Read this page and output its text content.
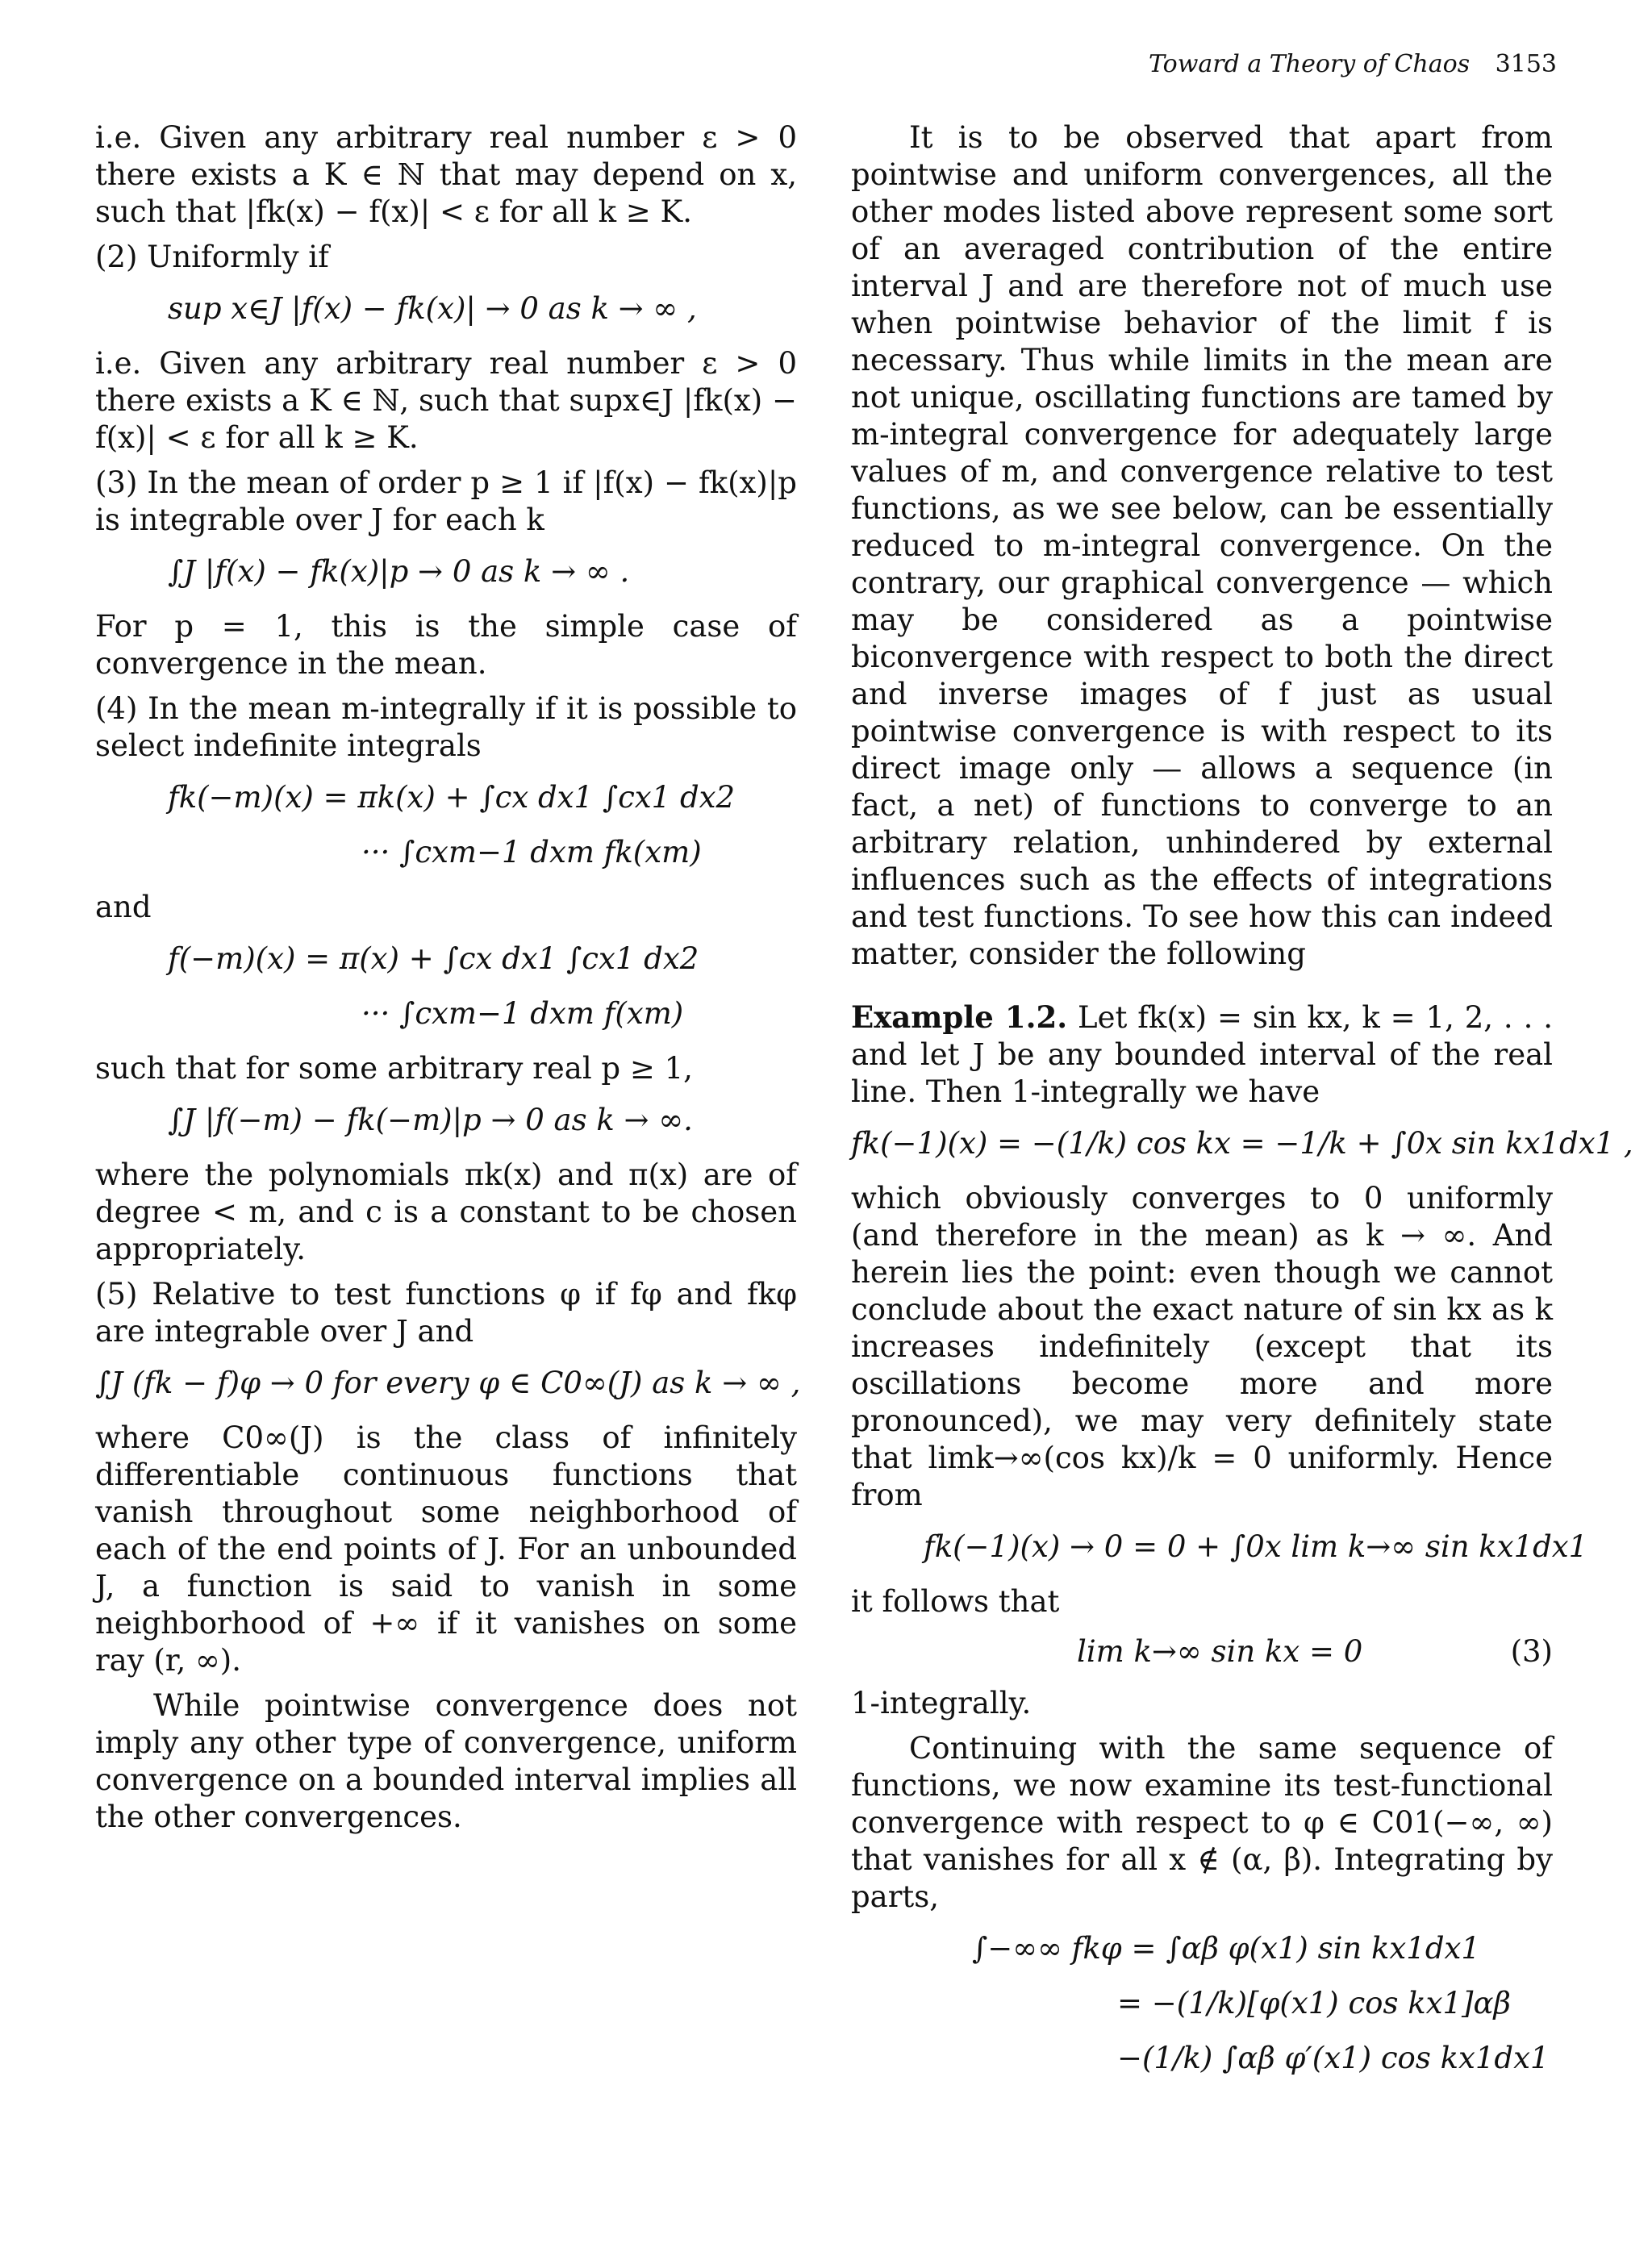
Toward a Theory of Chaos 3153

i.e. Given any arbitrary real number ε > 0 there exists a K ∈ ℕ that may depend on x, such that |fk(x) − f(x)| < ε for all k ≥ K.

(2) Uniformly if

sup x∈J |f(x) − fk(x)| → 0 as k → ∞ ,

i.e. Given any arbitrary real number ε > 0 there exists a K ∈ ℕ, such that supx∈J |fk(x) − f(x)| < ε for all k ≥ K.

(3) In the mean of order p ≥ 1 if |f(x) − fk(x)|p is integrable over J for each k

∫J |f(x) − fk(x)|p → 0 as k → ∞ .

For p = 1, this is the simple case of convergence in the mean.

(4) In the mean m-integrally if it is possible to select indefinite integrals

fk(−m)(x) = πk(x) + ∫cx dx1 ∫cx1 dx2
··· ∫cxm−1 dxm fk(xm)

and

f(−m)(x) = π(x) + ∫cx dx1 ∫cx1 dx2
··· ∫cxm−1 dxm f(xm)

such that for some arbitrary real p ≥ 1,

∫J |f(−m) − fk(−m)|p → 0 as k → ∞.

where the polynomials πk(x) and π(x) are of degree < m, and c is a constant to be chosen appropriately.

(5) Relative to test functions φ if fφ and fkφ are integrable over J and

∫J (fk − f)φ → 0 for every φ ∈ C0∞(J) as k → ∞ ,

where C0∞(J) is the class of infinitely differentiable continuous functions that vanish throughout some neighborhood of each of the end points of J. For an unbounded J, a function is said to vanish in some neighborhood of +∞ if it vanishes on some ray (r, ∞).

While pointwise convergence does not imply any other type of convergence, uniform convergence on a bounded interval implies all the other convergences.

It is to be observed that apart from pointwise and uniform convergences, all the other modes listed above represent some sort of an averaged contribution of the entire interval J and are therefore not of much use when pointwise behavior of the limit f is necessary. Thus while limits in the mean are not unique, oscillating functions are tamed by m-integral convergence for adequately large values of m, and convergence relative to test functions, as we see below, can be essentially reduced to m-integral convergence. On the contrary, our graphical convergence — which may be considered as a pointwise biconvergence with respect to both the direct and inverse images of f just as usual pointwise convergence is with respect to its direct image only — allows a sequence (in fact, a net) of functions to converge to an arbitrary relation, unhindered by external influences such as the effects of integrations and test functions. To see how this can indeed matter, consider the following

Example 1.2. Let fk(x) = sin kx, k = 1, 2, . . . and let J be any bounded interval of the real line. Then 1-integrally we have

fk(−1)(x) = −(1/k) cos kx = −1/k + ∫0x sin kx1dx1 ,

which obviously converges to 0 uniformly (and therefore in the mean) as k → ∞. And herein lies the point: even though we cannot conclude about the exact nature of sin kx as k increases indefinitely (except that its oscillations become more and more pronounced), we may very definitely state that limk→∞(cos kx)/k = 0 uniformly. Hence from

fk(−1)(x) → 0 = 0 + ∫0x lim k→∞ sin kx1dx1

it follows that

lim k→∞ sin kx = 0	(3)

1-integrally.

Continuing with the same sequence of functions, we now examine its test-functional convergence with respect to φ ∈ C01(−∞, ∞) that vanishes for all x ∉ (α, β). Integrating by parts,

∫−∞∞ fkφ = ∫αβ φ(x1) sin kx1dx1
= −(1/k)[φ(x1) cos kx1]αβ
−(1/k) ∫αβ φ′(x1) cos kx1dx1
